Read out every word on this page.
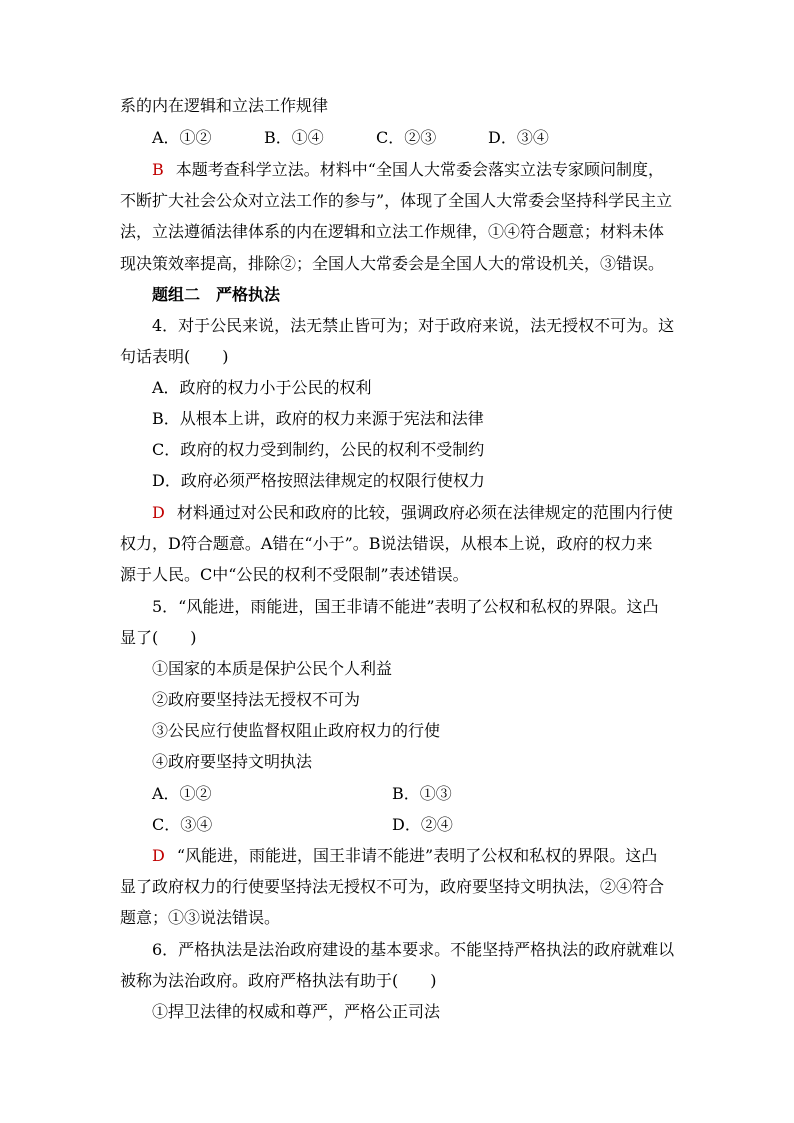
系的内在逻辑和立法工作规律
A．①②	B．①④	C．②③	D．③④
B 本题考查科学立法。材料中“全国人大常委会落实立法专家顾问制度，
不断扩大社会公众对立法工作的参与”，体现了全国人大常委会坚持科学民主立
法，立法遵循法律体系的内在逻辑和立法工作规律，①④符合题意；材料未体
现决策效率提高，排除②；全国人大常委会是全国人大的常设机关，③错误。
题组二　严格执法
4．对于公民来说，法无禁止皆可为；对于政府来说，法无授权不可为。这
句话表明(　　)
A．政府的权力小于公民的权利
B．从根本上讲，政府的权力来源于宪法和法律
C．政府的权力受到制约，公民的权利不受制约
D．政府必须严格按照法律规定的权限行使权力
D 材料通过对公民和政府的比较，强调政府必须在法律规定的范围内行使
权力，D符合题意。A错在“小于”。B说法错误，从根本上说，政府的权力来
源于人民。C中“公民的权利不受限制”表述错误。
5．“风能进，雨能进，国王非请不能进”表明了公权和私权的界限。这凸
显了(　　)
①国家的本质是保护公民个人利益
②政府要坚持法无授权不可为
③公民应行使监督权阻止政府权力的行使
④政府要坚持文明执法
A．①②	B．①③
C．③④	D．②④
D “风能进，雨能进，国王非请不能进”表明了公权和私权的界限。这凸
显了政府权力的行使要坚持法无授权不可为，政府要坚持文明执法，②④符合
题意；①③说法错误。
6．严格执法是法治政府建设的基本要求。不能坚持严格执法的政府就难以
被称为法治政府。政府严格执法有助于(　　)
①捍卫法律的权威和尊严，严格公正司法
